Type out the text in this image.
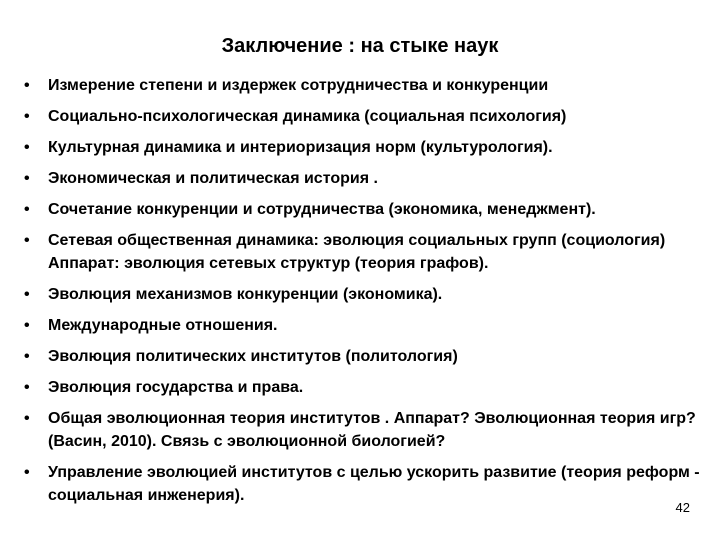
Заключение : на стыке наук
•	Измерение степени и издержек сотрудничества и конкуренции
•	Социально-психологическая динамика (социальная психология)
•	Культурная динамика и интериоризация норм (культурология).
•	Экономическая и политическая история .
•	Сочетание конкуренции и сотрудничества (экономика, менеджмент).
•	Сетевая общественная динамика: эволюция социальных групп (социология) Аппарат: эволюция сетевых структур (теория графов).
•	Эволюция механизмов конкуренции (экономика).
•	Международные отношения.
•	Эволюция политических институтов (политология)
•	Эволюция государства и права.
•	Общая эволюционная теория институтов . Аппарат? Эволюционная теория игр? (Васин, 2010). Связь с эволюционной биологией?
•	Управление эволюцией институтов с целью ускорить развитие (теория реформ - социальная инженерия).
42
